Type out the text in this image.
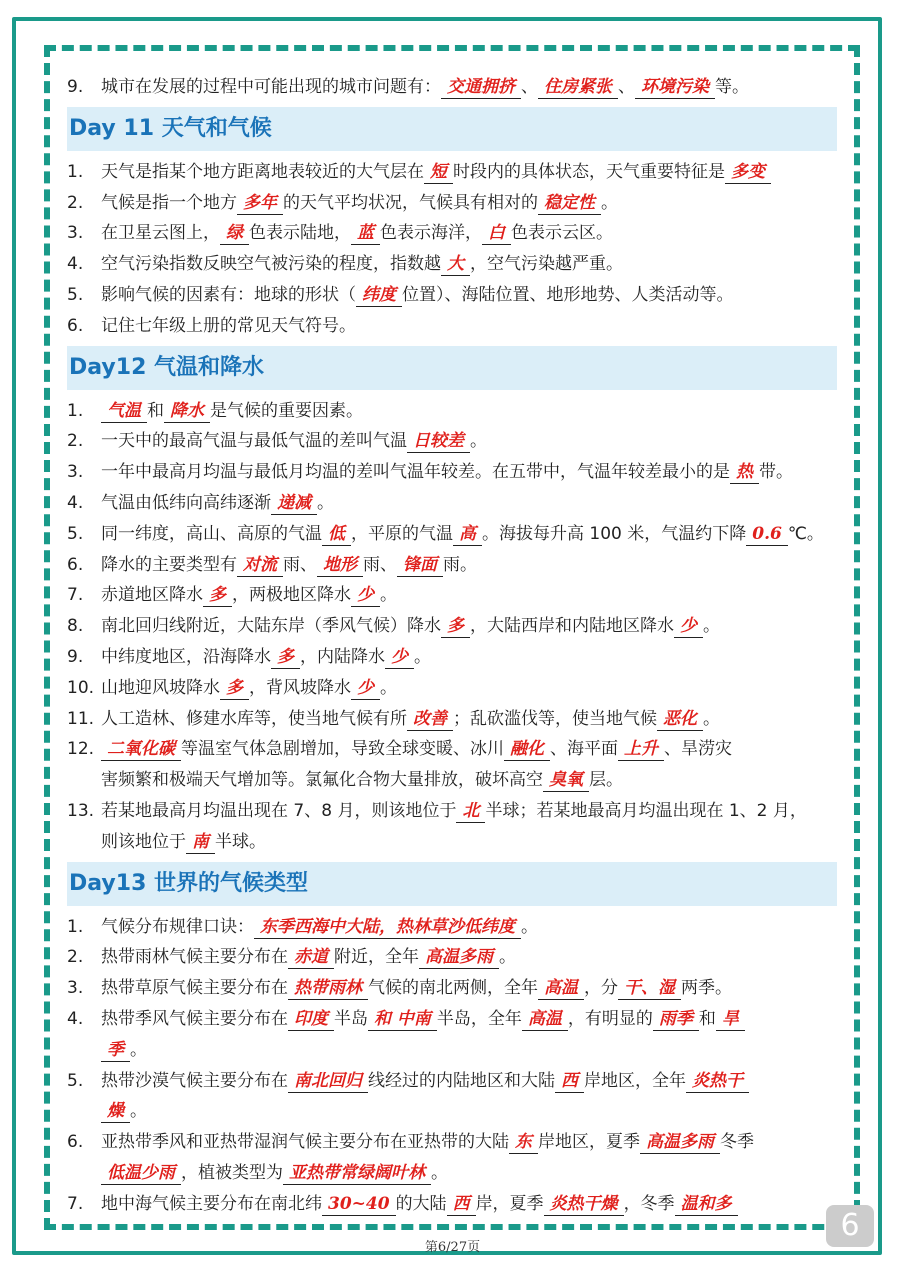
9.	城市在发展的过程中可能出现的城市问题有： 交通拥挤 、 住房紧张 、 环境污染 等。
Day 11 天气和气候
1.	天气是指某个地方距离地表较近的大气层在 短 时段内的具体状态，天气重要特征是 多变
2.	气候是指一个地方 多年 的天气平均状况，气候具有相对的 稳定性 。
3.	在卫星云图上， 绿 色表示陆地， 蓝 色表示海洋， 白 色表示云区。
4.	空气污染指数反映空气被污染的程度，指数越 大 ，空气污染越严重。
5.	影响气候的因素有：地球的形状（ 纬度 位置）、海陆位置、地形地势、人类活动等。
6.	记住七年级上册的常见天气符号。
Day12 气温和降水
1.	气温 和 降水 是气候的重要因素。
2.	一天中的最高气温与最低气温的差叫气温 日较差 。
3.	一年中最高月均温与最低月均温的差叫气温年较差。在五带中，气温年较差最小的是 热 带。
4.	气温由低纬向高纬逐渐 递减 。
5.	同一纬度，高山、高原的气温 低 ，平原的气温 高 。海拔每升高 100 米，气温约下降 0.6 ℃。
6.	降水的主要类型有 对流 雨、 地形 雨、 锋面 雨。
7.	赤道地区降水 多 ，两极地区降水 少 。
8.	南北回归线附近，大陆东岸（季风气候）降水 多 ，大陆西岸和内陆地区降水 少 。
9.	中纬度地区，沿海降水 多 ，内陆降水 少 。
10. 山地迎风坡降水 多 ，背风坡降水 少 。
11. 人工造林、修建水库等，使当地气候有所 改善 ；乱砍滥伐等，使当地气候 恶化 。
12. 二氧化碳 等温室气体急剧增加，导致全球变暖、冰川 融化 、海平面 上升 、旱涝灾
害频繁和极端天气增加等。氯氟化合物大量排放，破坏高空 臭氧 层。
13. 若某地最高月均温出现在 7、8 月，则该地位于 北 半球；若某地最高月均温出现在 1、2 月，
则该地位于 南 半球。
Day13 世界的气候类型
1.	气候分布规律口诀： 东季西海中大陆，热林草沙低纬度 。
2.	热带雨林气候主要分布在 赤道 附近，全年 高温多雨 。
3.	热带草原气候主要分布在 热带雨林 气候的南北两侧，全年 高温 ，分 干、湿 两季。
4.	热带季风气候主要分布在 印度 半岛 和 中南 半岛，全年 高温 ，有明显的 雨季 和 旱
季 。
5.	热带沙漠气候主要分布在 南北回归 线经过的内陆地区和大陆 西 岸地区，全年 炎热干
燥 。
6.	亚热带季风和亚热带湿润气候主要分布在亚热带的大陆 东 岸地区，夏季 高温多雨 冬季
低温少雨 ，植被类型为 亚热带常绿阔叶林 。
7.	地中海气候主要分布在南北纬 30~40 的大陆 西 岸，夏季 炎热干燥 ，冬季 温和多
第6/27页
6
